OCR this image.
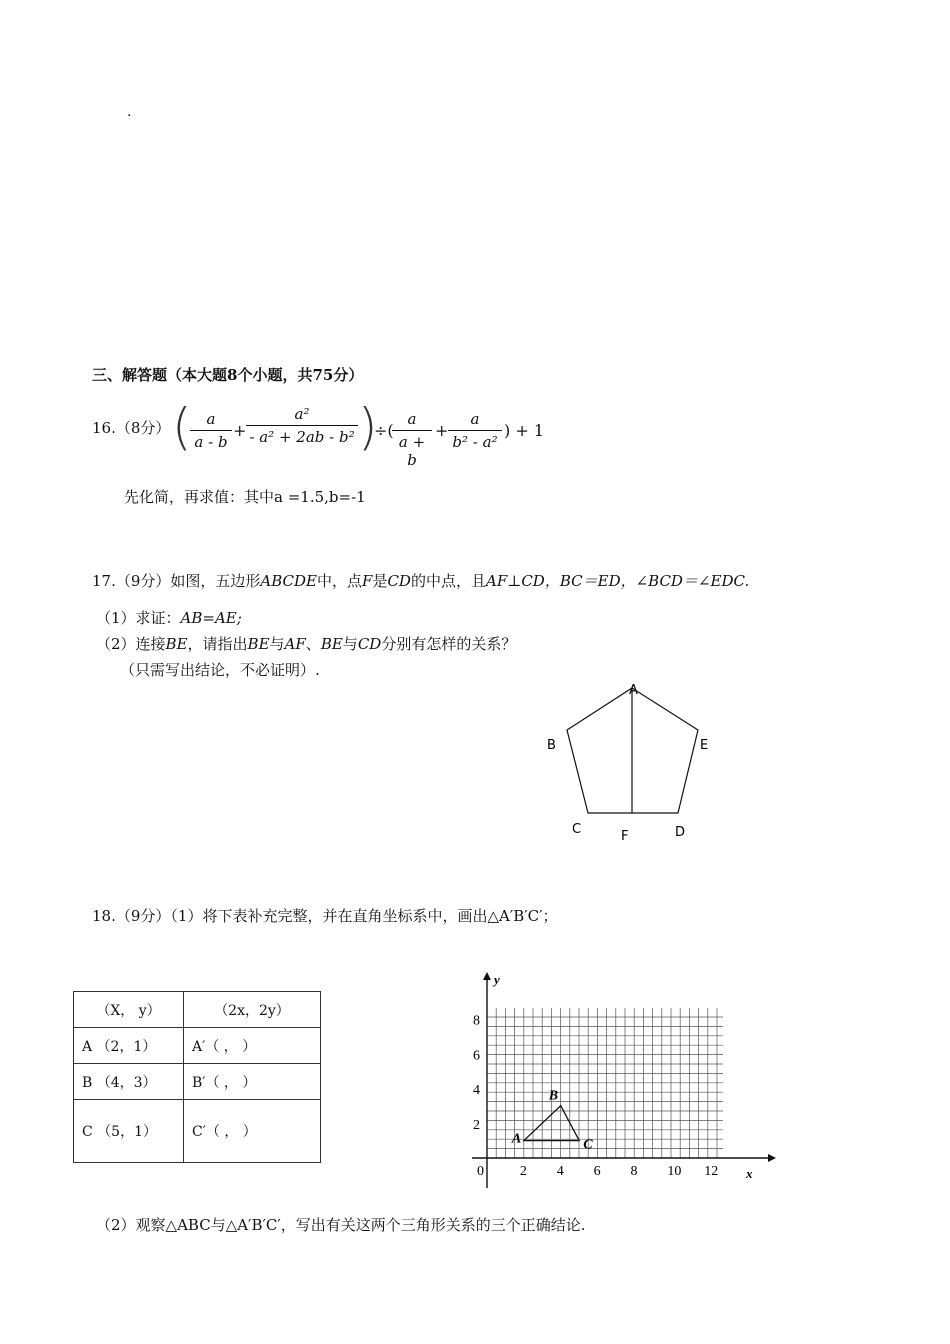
.
三、解答题（本大题8个小题，共75分）
16.（8分） (
$\frac{a}{a - b} + \frac{\text{a²}}{\text{- a² + 2ab - b²}}$ )
÷(
$\frac{a}{a + b} + \frac{a}{\text{b² - a²}}$ ) + 1
先化简，再求值：其中a =1.5,b=-1
17.（9分）如图，五边形ABCDE中，点F是CD的中点，且AF⊥CD，BC＝ED，∠BCD＝∠EDC.
（1）求证：AB=AE;
（2）连接BE，请指出BE与AF、BE与CD分别有怎样的关系？
（只需写出结论，不必证明）.
A
B	E
C	D
F
18.（9分）（1）将下表补充完整，并在直角坐标系中，画出△A′B′C′；
（X， y）	（2x，2y）
A （2，1）	A′（ ， ）
B （4，3）	B′（ ， ）
C （5，1）	C′（ ， ）
0	2 4 6 8 10 12
2
4
6
8
x
y
A
B
C
（2）观察△ABC与△A′B′C′，写出有关这两个三角形关系的三个正确结论.
